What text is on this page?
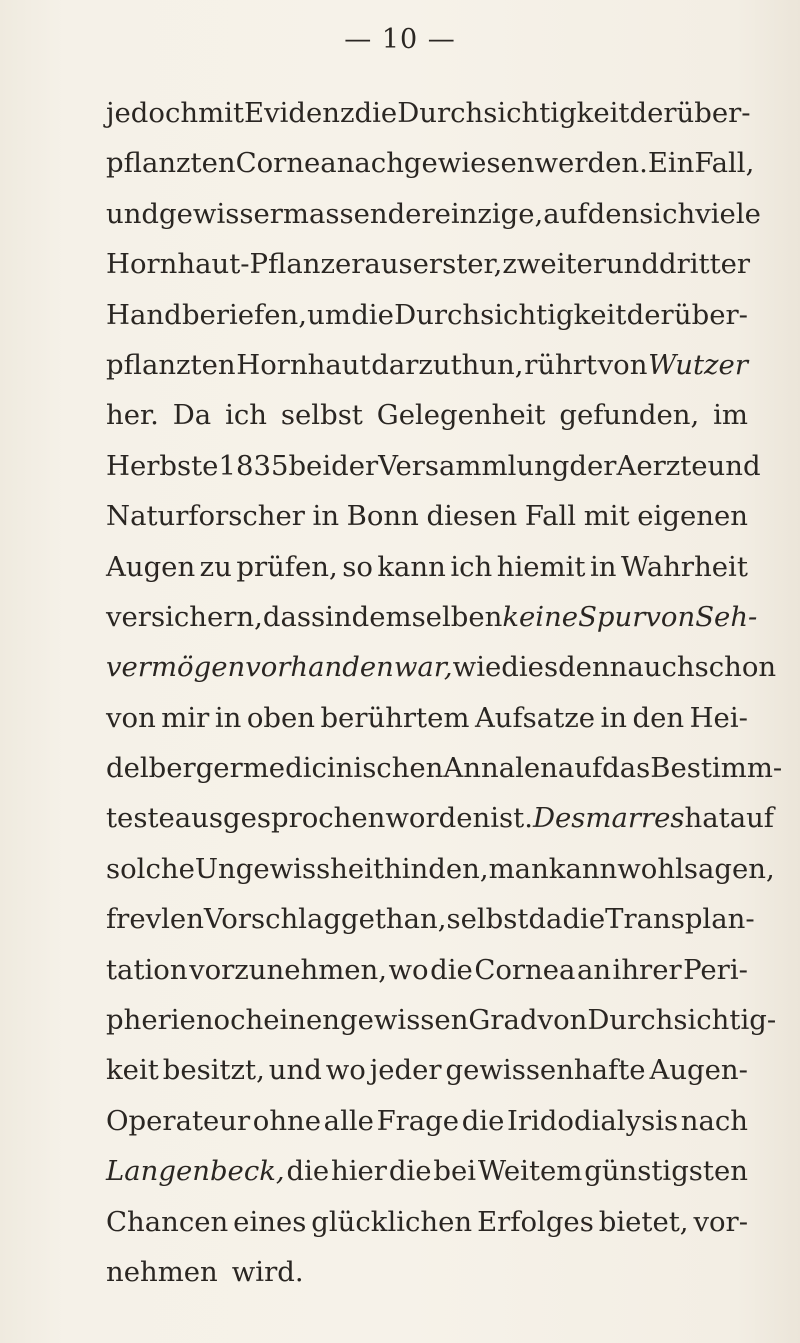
— 10 —
jedoch mit Evidenz die Durchsichtigkeit der über-
pflanzten Cornea nachgewiesen werden. Ein Fall,
und gewissermassen der einzige, auf den sich viele
Hornhaut-Pflanzer aus erster, zweiter und dritter
Hand beriefen, um die Durchsichtigkeit der über-
pflanzten Hornhaut darzuthun, rührt von Wutzer
her. Da ich selbst Gelegenheit gefunden, im
Herbste 1835 bei der Versammlung der Aerzte und
Naturforscher in Bonn diesen Fall mit eigenen
Augen zu prüfen, so kann ich hiemit in Wahrheit
versichern, dass in demselben keine Spur von Seh-
vermögen vorhanden war, wie dies denn auch schon
von mir in oben berührtem Aufsatze in den Hei-
delberger medicinischen Annalen auf das Bestimm-
teste ausgesprochen worden ist. Desmarres hat auf
solche Ungewissheit hin den, man kann wohl sagen,
frevlen Vorschlag gethan, selbst da die Transplan-
tation vorzunehmen, wo die Cornea an ihrer Peri-
pherie noch einen gewissen Grad von Durchsichtig-
keit besitzt, und wo jeder gewissenhafte Augen-
Operateur ohne alle Frage die Iridodialysis nach
Langenbeck, die hier die bei Weitem günstigsten
Chancen eines glücklichen Erfolges bietet, vor-
nehmen wird.
